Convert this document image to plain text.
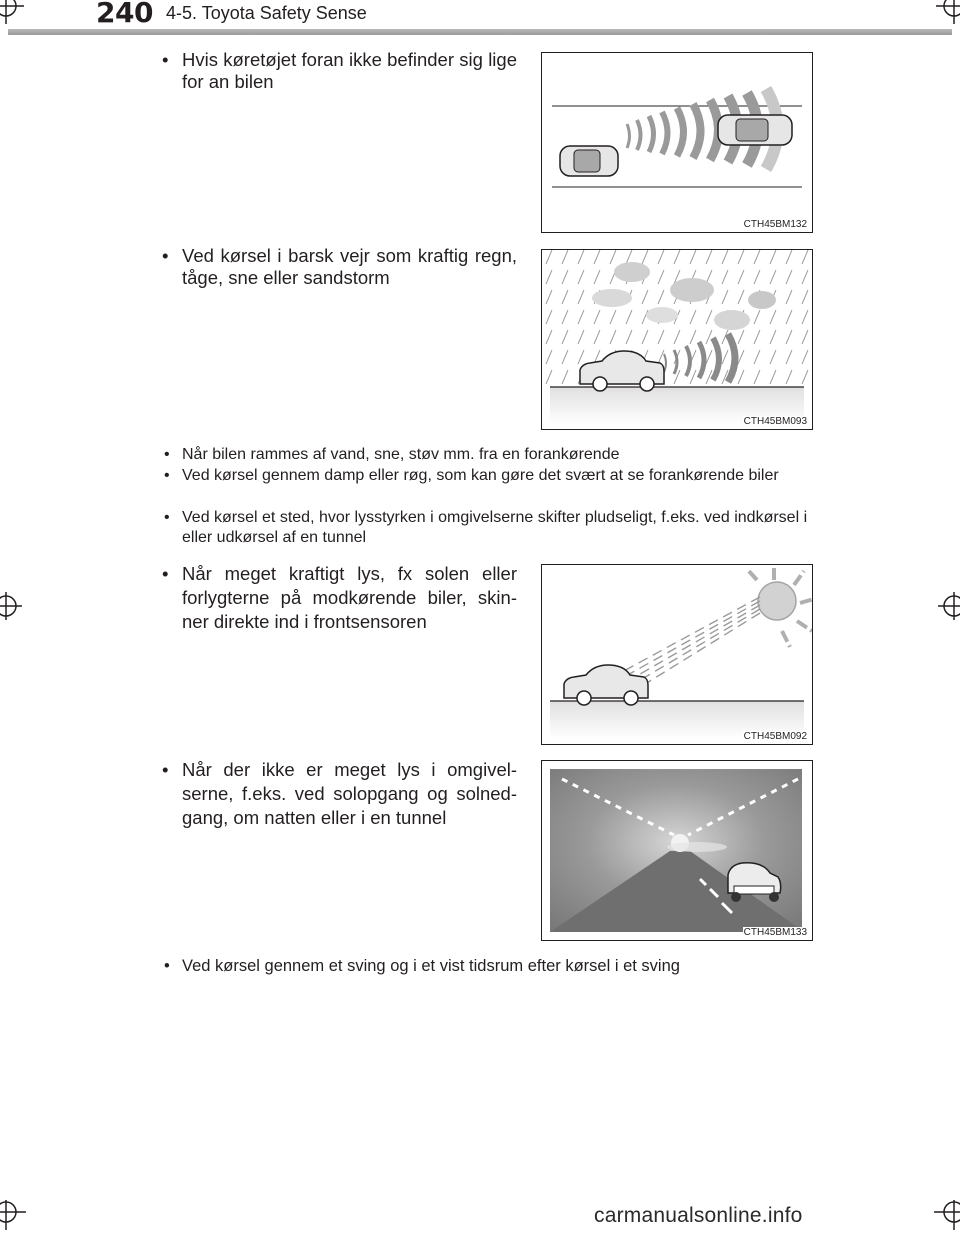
240 4-5. Toyota Safety Sense
• Hvis køretøjet foran ikke befinder sig lige for an bilen
CTH45BM132
• Ved kørsel i barsk vejr som kraftig regn, tåge, sne eller sandstorm
CTH45BM093
• Når bilen rammes af vand, sne, støv mm. fra en forankørende
• Ved kørsel gennem damp eller røg, som kan gøre det svært at se forankørende biler
• Ved kørsel et sted, hvor lysstyrken i omgivelserne skifter pludseligt, f.eks. ved indkørsel i eller udkørsel af en tunnel
• Når meget kraftigt lys, fx solen eller forlygterne på modkørende biler, skin-ner direkte ind i frontsensoren
CTH45BM092
• Når der ikke er meget lys i omgivel-serne, f.eks. ved solopgang og solned-gang, om natten eller i en tunnel
CTH45BM133
• Ved kørsel gennem et sving og i et vist tidsrum efter kørsel i et sving
carmanualsonline.info
